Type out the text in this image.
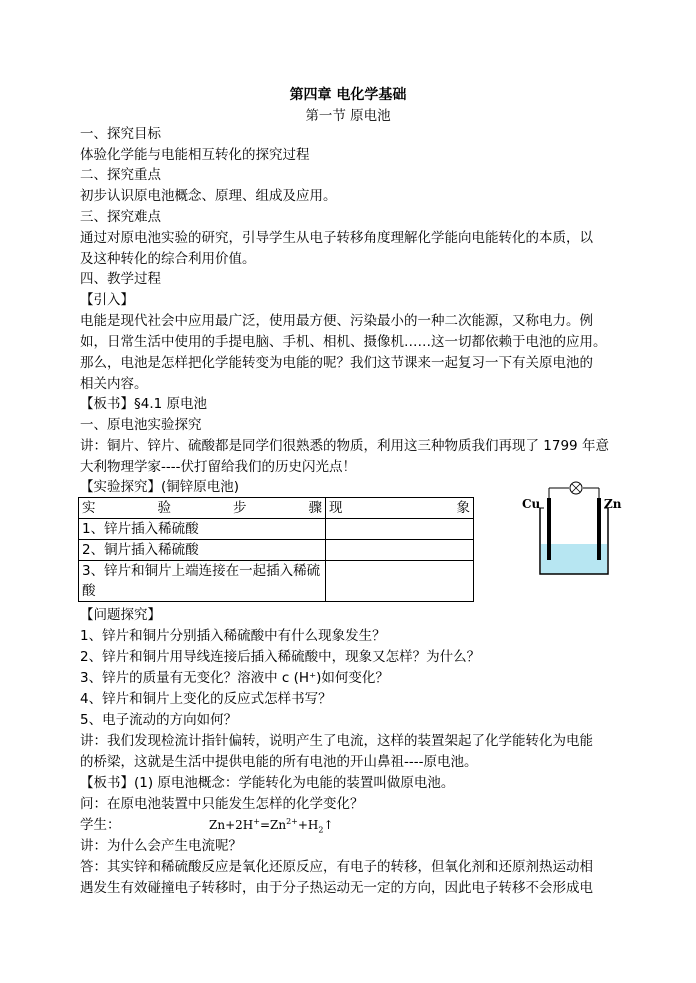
第四章 电化学基础
第一节 原电池
一、探究目标
体验化学能与电能相互转化的探究过程
二、探究重点
初步认识原电池概念、原理、组成及应用。
三、探究难点
通过对原电池实验的研究，引导学生从电子转移角度理解化学能向电能转化的本质，以
及这种转化的综合利用价值。
四、教学过程
【引入】
电能是现代社会中应用最广泛，使用最方便、污染最小的一种二次能源，又称电力。例
如，日常生活中使用的手提电脑、手机、相机、摄像机……这一切都依赖于电池的应用。
那么，电池是怎样把化学能转变为电能的呢？我们这节课来一起复习一下有关原电池的
相关内容。
【板书】§4.1 原电池
一、原电池实验探究
讲：铜片、锌片、硫酸都是同学们很熟悉的物质，利用这三种物质我们再现了 1799 年意
大利物理学家----伏打留给我们的历史闪光点！
【实验探究】(铜锌原电池)
实 验 步 骤	现 象

1、锌片插入稀硫酸	
2、铜片插入稀硫酸	

3、锌片和铜片上端连接在一起插入稀硫
酸	

Cu	Zn
【问题探究】
1、锌片和铜片分别插入稀硫酸中有什么现象发生？
2、锌片和铜片用导线连接后插入稀硫酸中，现象又怎样？为什么？
3、锌片的质量有无变化？溶液中 c (H⁺)如何变化？
4、锌片和铜片上变化的反应式怎样书写？
5、电子流动的方向如何？
讲：我们发现检流计指针偏转，说明产生了电流，这样的装置架起了化学能转化为电能
的桥梁，这就是生活中提供电能的所有电池的开山鼻祖----原电池。
【板书】(1) 原电池概念：学能转化为电能的装置叫做原电池。
问：在原电池装置中只能发生怎样的化学变化？
学生：	$Zn+2H^+=Zn^{2+}+H_2↑$
讲：为什么会产生电流呢？
答：其实锌和稀硫酸反应是氧化还原反应，有电子的转移，但氧化剂和还原剂热运动相
遇发生有效碰撞电子转移时，由于分子热运动无一定的方向，因此电子转移不会形成电
